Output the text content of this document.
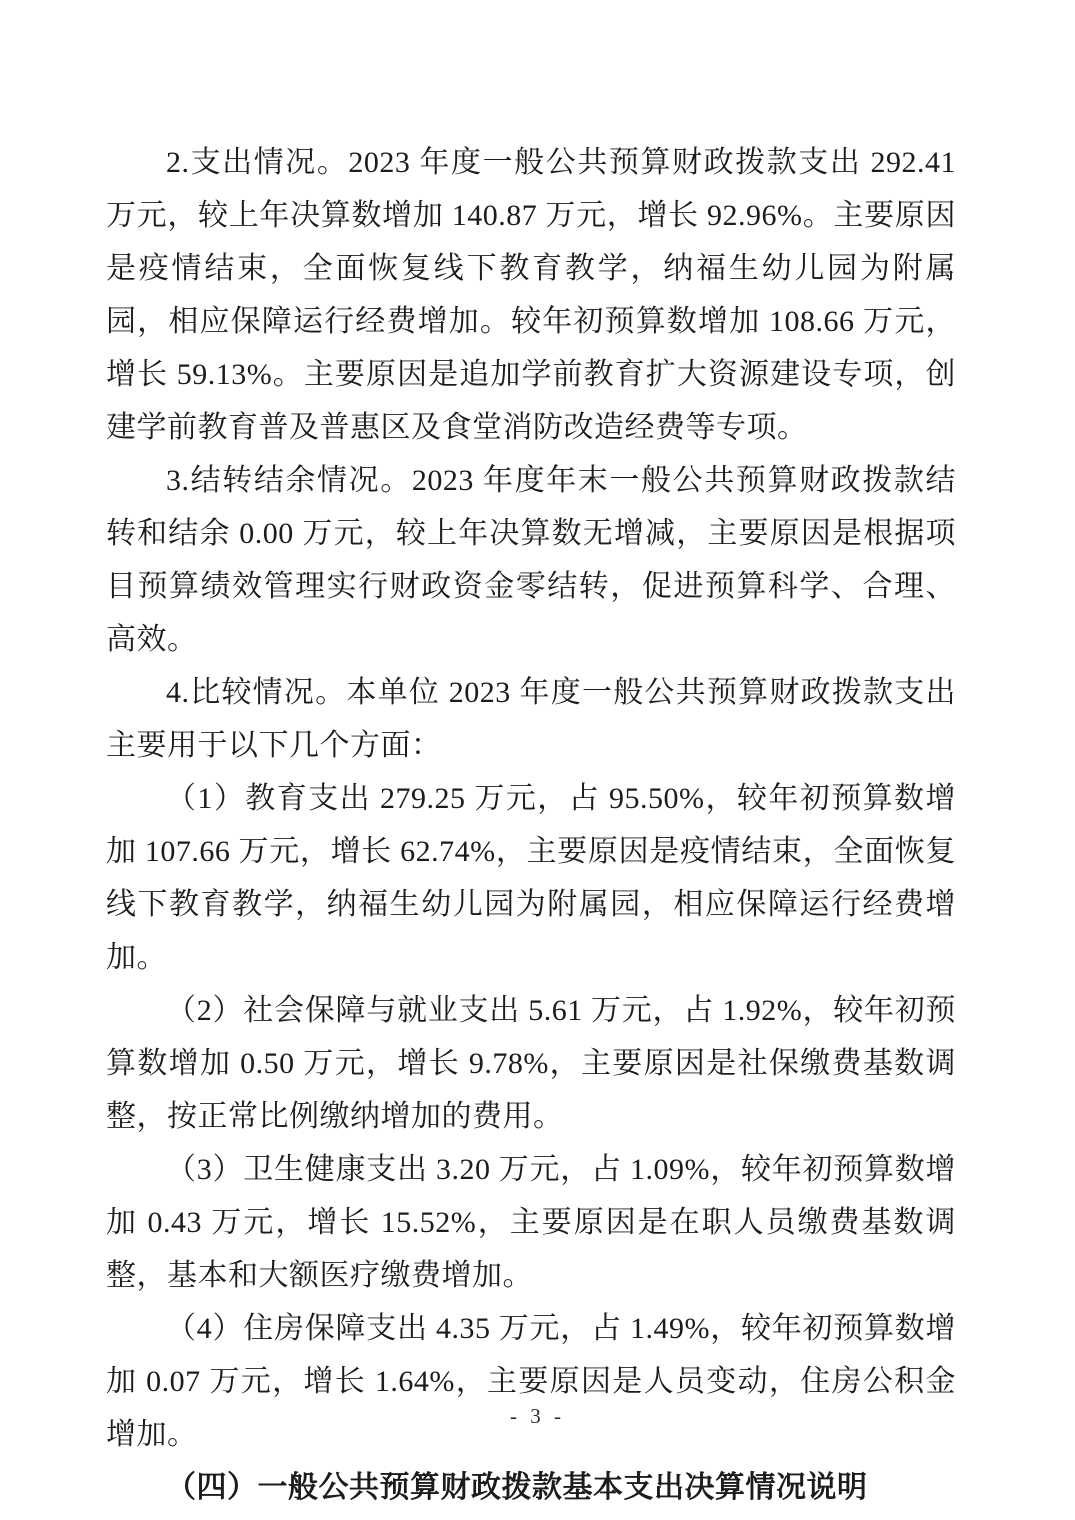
2.支出情况。2023 年度一般公共预算财政拨款支出 292.41 万元，较上年决算数增加 140.87 万元，增长 92.96%。主要原因是疫情结束，全面恢复线下教育教学，纳福生幼儿园为附属园，相应保障运行经费增加。较年初预算数增加 108.66 万元，增长 59.13%。主要原因是追加学前教育扩大资源建设专项，创建学前教育普及普惠区及食堂消防改造经费等专项。

3.结转结余情况。2023 年度年末一般公共预算财政拨款结转和结余 0.00 万元，较上年决算数无增减，主要原因是根据项目预算绩效管理实行财政资金零结转，促进预算科学、合理、高效。

4.比较情况。本单位 2023 年度一般公共预算财政拨款支出主要用于以下几个方面：

（1）教育支出 279.25 万元，占 95.50%，较年初预算数增加 107.66 万元，增长 62.74%，主要原因是疫情结束，全面恢复线下教育教学，纳福生幼儿园为附属园，相应保障运行经费增加。

（2）社会保障与就业支出 5.61 万元，占 1.92%，较年初预算数增加 0.50 万元，增长 9.78%，主要原因是社保缴费基数调整，按正常比例缴纳增加的费用。

（3）卫生健康支出 3.20 万元，占 1.09%，较年初预算数增加 0.43 万元，增长 15.52%，主要原因是在职人员缴费基数调整，基本和大额医疗缴费增加。

（4）住房保障支出 4.35 万元，占 1.49%，较年初预算数增加 0.07 万元，增长 1.64%，主要原因是人员变动，住房公积金增加。

（四）一般公共预算财政拨款基本支出决算情况说明

- 3 -
